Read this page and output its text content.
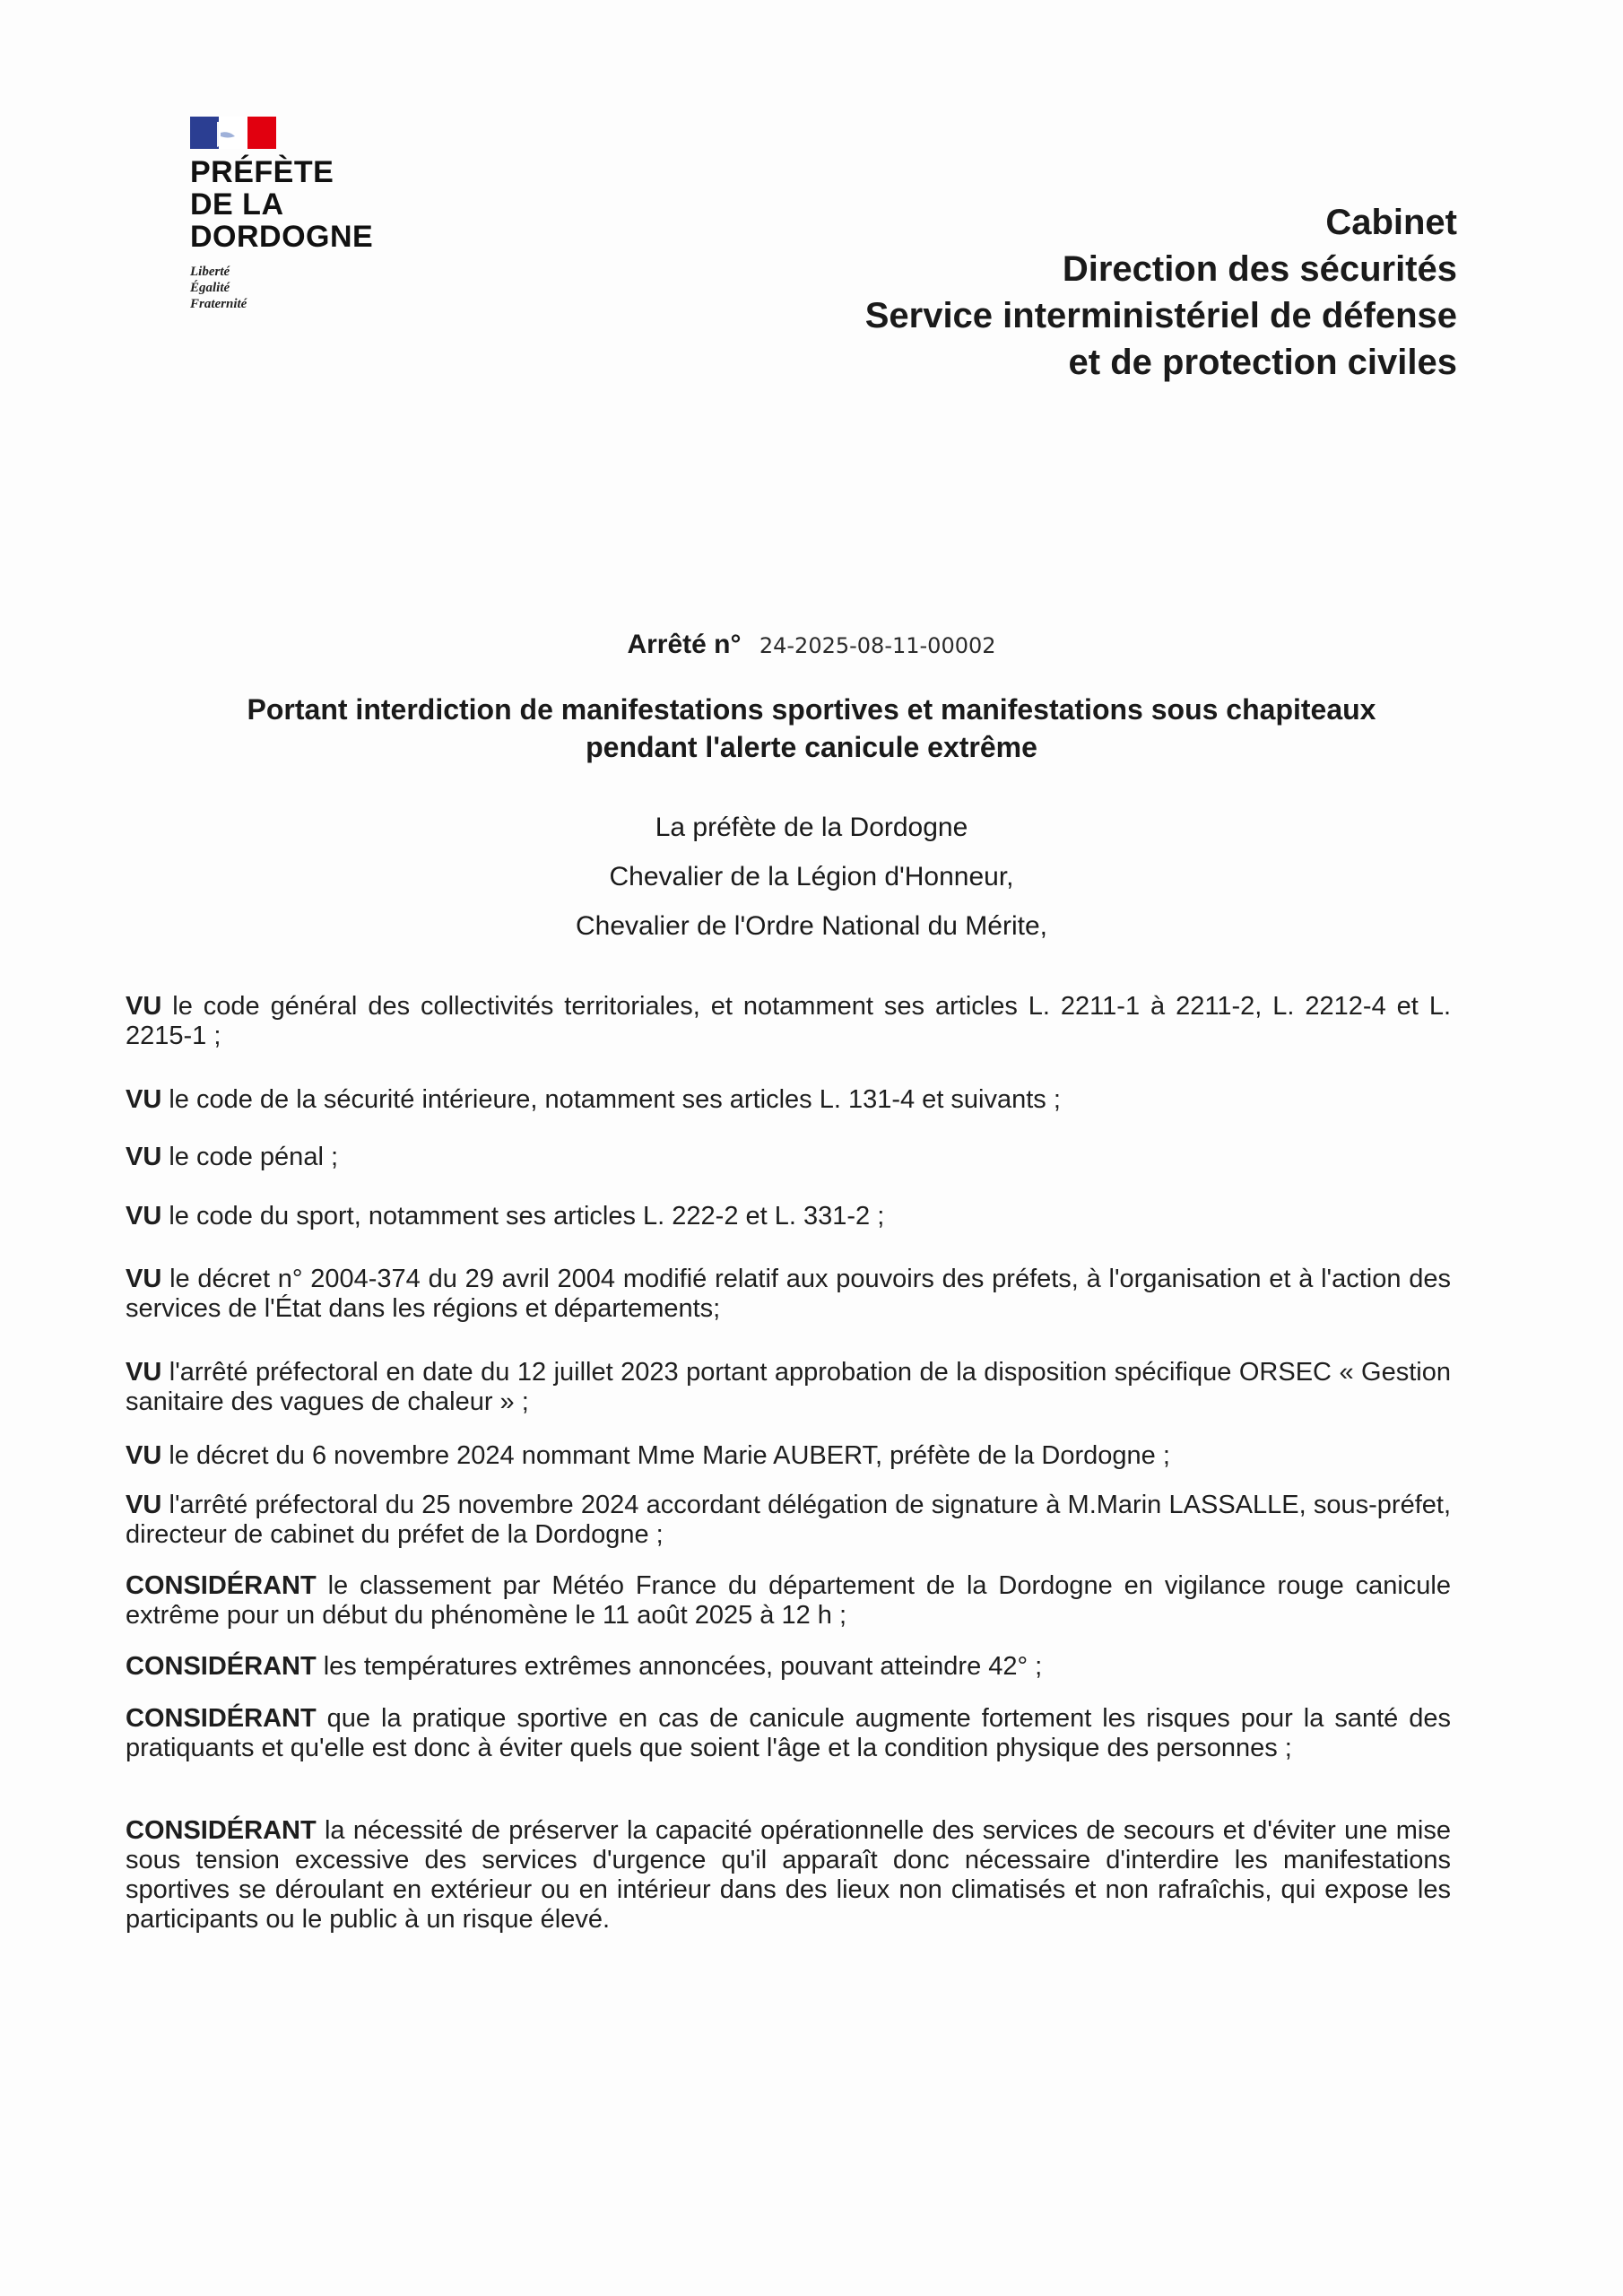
PRÉFÈTE
DE LA
DORDOGNE
Liberté
Égalité
Fraternité
Cabinet
Direction des sécurités
Service interministériel de défense
et de protection civiles
Arrêté n° 24-2025-08-11-00002
Portant interdiction de manifestations sportives et manifestations sous chapiteaux
pendant l'alerte canicule extrême
La préfète de la Dordogne
Chevalier de la Légion d'Honneur,
Chevalier de l'Ordre National du Mérite,
VU le code général des collectivités territoriales, et notamment ses articles L. 2211-1 à 2211-2, L. 2212-4 et L. 2215-1 ;
VU le code de la sécurité intérieure, notamment ses articles L. 131-4 et suivants ;
VU le code pénal ;
VU le code du sport, notamment ses articles L. 222-2 et L. 331-2 ;
VU le décret n° 2004-374 du 29 avril 2004 modifié relatif aux pouvoirs des préfets, à l'organisation et à l'action des services de l'État dans les régions et départements;
VU l'arrêté préfectoral en date du 12 juillet 2023 portant approbation de la disposition spécifique ORSEC « Gestion sanitaire des vagues de chaleur » ;
VU le décret du 6 novembre 2024 nommant Mme Marie AUBERT, préfète de la Dordogne ;
VU l'arrêté préfectoral du 25 novembre 2024 accordant délégation de signature à M.Marin LASSALLE, sous-préfet, directeur de cabinet du préfet de la Dordogne ;
CONSIDÉRANT le classement par Météo France du département de la Dordogne en vigilance rouge canicule extrême pour un début du phénomène le 11 août 2025 à 12 h ;
CONSIDÉRANT les températures extrêmes annoncées, pouvant atteindre 42° ;
CONSIDÉRANT que la pratique sportive en cas de canicule augmente fortement les risques pour la santé des pratiquants et qu'elle est donc à éviter quels que soient l'âge et la condition physique des personnes ;
CONSIDÉRANT la nécessité de préserver la capacité opérationnelle des services de secours et d'éviter une mise sous tension excessive des services d'urgence qu'il apparaît donc nécessaire d'interdire les manifestations sportives se déroulant en extérieur ou en intérieur dans des lieux non climatisés et non rafraîchis, qui expose les participants ou le public à un risque élevé.
